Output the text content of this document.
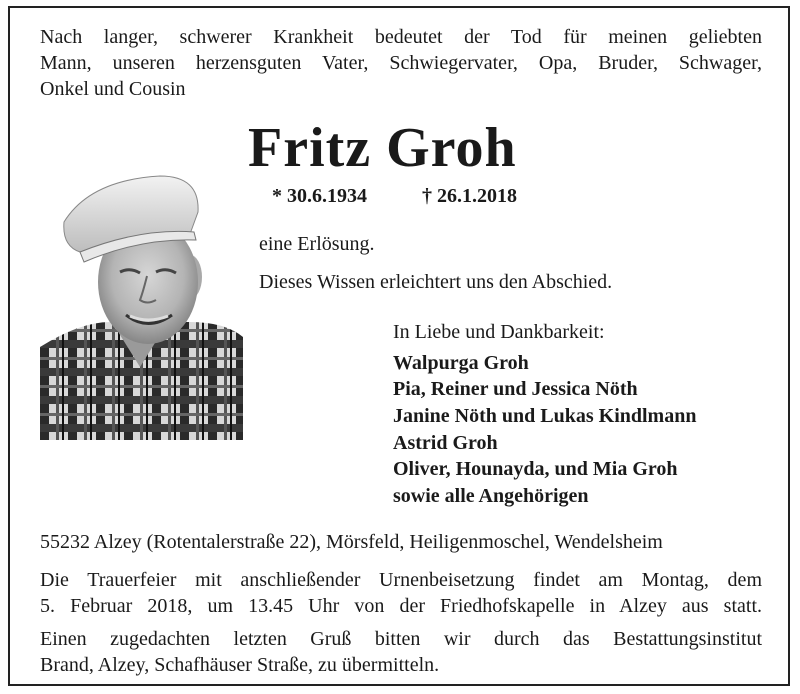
Nach langer, schwerer Krankheit bedeutet der Tod für meinen geliebten
Mann, unseren herzensguten Vater, Schwiegervater, Opa, Bruder, Schwager,
Onkel und Cousin
Fritz Groh
* 30.6.1934	† 26.1.2018
eine Erlösung.
Dieses Wissen erleichtert uns den Abschied.
In Liebe und Dankbarkeit:
Walpurga Groh
Pia, Reiner und Jessica Nöth
Janine Nöth und Lukas Kindlmann
Astrid Groh
Oliver, Hounayda, und Mia Groh
sowie alle Angehörigen
55232 Alzey (Rotentalerstraße 22), Mörsfeld, Heiligenmoschel, Wendelsheim
Die Trauerfeier mit anschließender Urnenbeisetzung findet am Montag, dem
5. Februar 2018, um 13.45 Uhr von der Friedhofskapelle in Alzey aus statt.
Einen zugedachten letzten Gruß bitten wir durch das Bestattungsinstitut
Brand, Alzey, Schafhäuser Straße, zu übermitteln.
